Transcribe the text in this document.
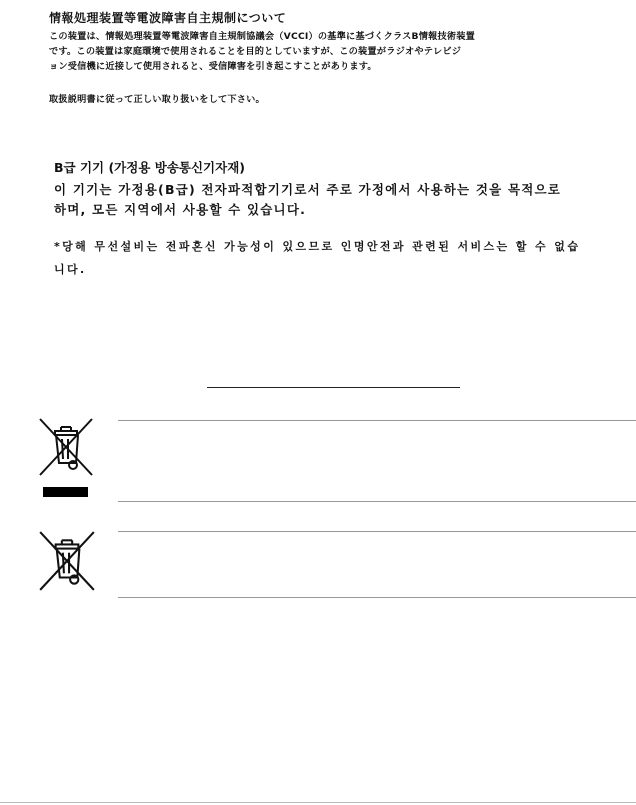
情報処理装置等電波障害自主規制について
この装置は、情報処理装置等電波障害自主規制協議会（VCCI）の基準に基づくクラスB情報技術装置
です。この装置は家庭環境で使用されることを目的としていますが、この装置がラジオやテレビジ
ョン受信機に近接して使用されると、受信障害を引き起こすことがあります。
取扱説明書に従って正しい取り扱いをして下さい。
B급 기기 (가정용 방송통신기자재)
이 기기는 가정용(B급) 전자파적합기기로서 주로 가정에서 사용하는 것을 목적으로
하며, 모든 지역에서 사용할 수 있습니다.
*당해 무선설비는 전파혼신 가능성이 있으므로 인명안전과 관련된 서비스는 할 수 없습
니다.
